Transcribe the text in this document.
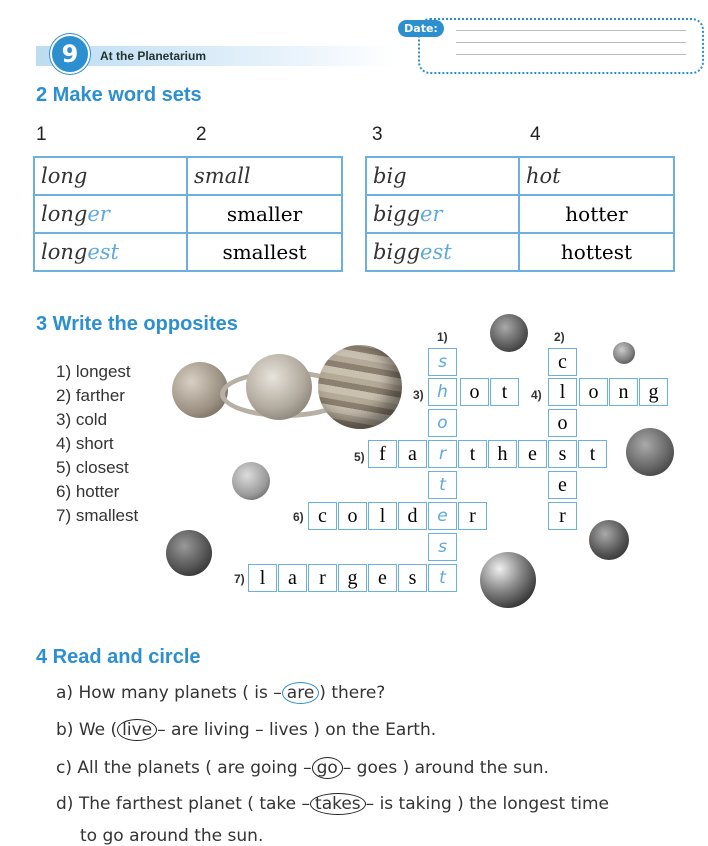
9	At the Planetarium
Date:
2 Make word sets
1	2	3	4
long	small
longer	smaller
longest	smallest
big	hot
bigger	hotter
biggest	hottest
3 Write the opposites
1) longest
2) farther
3) cold
4) short
5) closest
6) hotter
7) smallest
1)	2)
3)	4)
5)
6)
7)
s
h
o
r
t
e
s
t
o	t
c
l
o
s
e
r
o	n	g
f	a	t	h	e	t
c	o	l	d	r
l	a	r	g	e	s
4 Read and circle
a) How many planets ( is – are ) there?
b) We ( live – are living – lives ) on the Earth.
c) All the planets ( are going – go – goes ) around the sun.
d) The farthest planet ( take – takes – is taking ) the longest time
to go around the sun.
